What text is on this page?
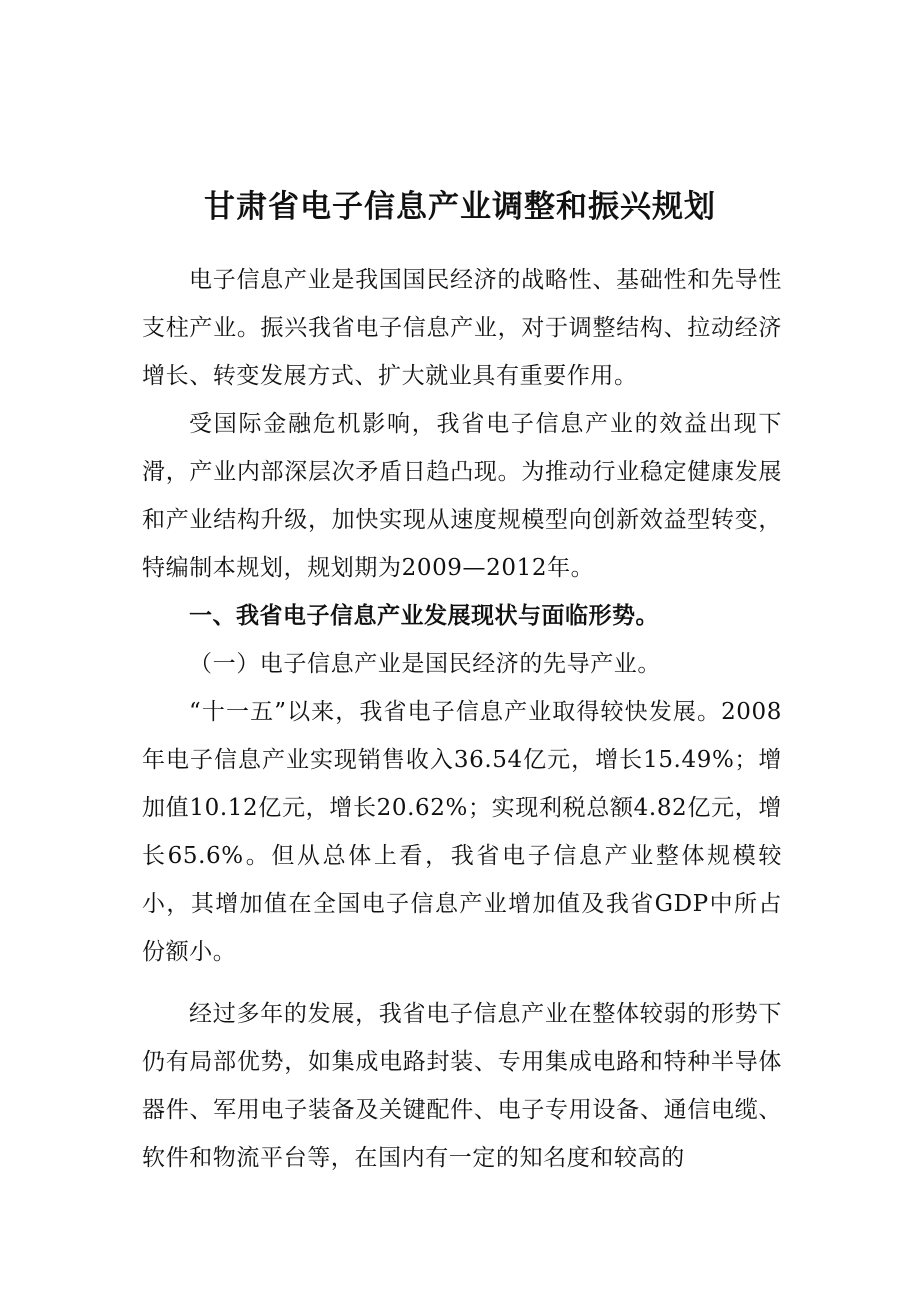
甘肃省电子信息产业调整和振兴规划

电子信息产业是我国国民经济的战略性、基础性和先导性支柱产业。振兴我省电子信息产业，对于调整结构、拉动经济增长、转变发展方式、扩大就业具有重要作用。

受国际金融危机影响，我省电子信息产业的效益出现下滑，产业内部深层次矛盾日趋凸现。为推动行业稳定健康发展和产业结构升级，加快实现从速度规模型向创新效益型转变，特编制本规划，规划期为2009—2012年。

一、我省电子信息产业发展现状与面临形势。

（一）电子信息产业是国民经济的先导产业。

“十一五”以来，我省电子信息产业取得较快发展。2008年电子信息产业实现销售收入36.54亿元，增长15.49%；增加值10.12亿元，增长20.62%；实现利税总额4.82亿元，增长65.6%。但从总体上看，我省电子信息产业整体规模较小，其增加值在全国电子信息产业增加值及我省GDP中所占份额小。

经过多年的发展，我省电子信息产业在整体较弱的形势下仍有局部优势，如集成电路封装、专用集成电路和特种半导体器件、军用电子装备及关键配件、电子专用设备、通信电缆、软件和物流平台等，在国内有一定的知名度和较高的
